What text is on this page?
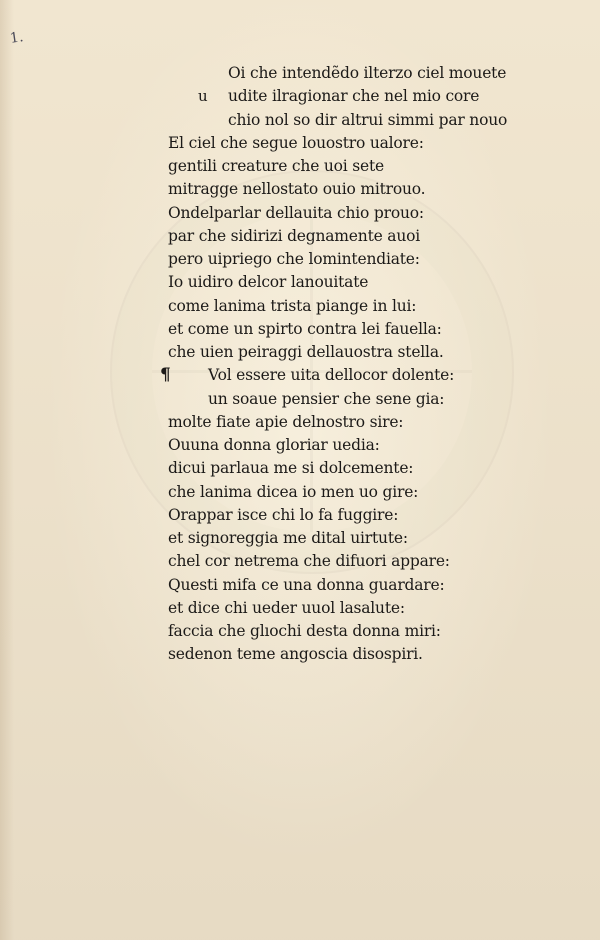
1.
Oi che intendẽdo ilterzo ciel mouete
u udite ilragionar che nel mio core
chio nol so dir altrui simmi par nouo
El ciel che segue louostro ualore:
gentili creature che uoi sete
mitragge nellostato ouio mitrouo.
Ondelparlar dellauita chio prouo:
par che sidirizi degnamente auoi
pero uipriego che lomintendiate:
Io uidiro delcor lanouitate
come lanima trista piange in lui:
et come un spirto contra lei fauella:
che uien peiraggi dellauostra stella.
¶ Vol essere uita dellocor dolente:
un soaue pensier che sene gia:
molte fiate apie delnostro sire:
Ouuna donna gloriar uedia:
dicui parlaua me si dolcemente:
che lanima dicea io men uo gire:
Orappar isce chi lo fa fuggire:
et signoreggia me dital uirtute:
chel cor netrema che difuori appare:
Questi mifa ce una donna guardare:
et dice chi ueder uuol lasalute:
faccia che glıochi desta donna miri:
sedenon teme angoscia disospiri.
